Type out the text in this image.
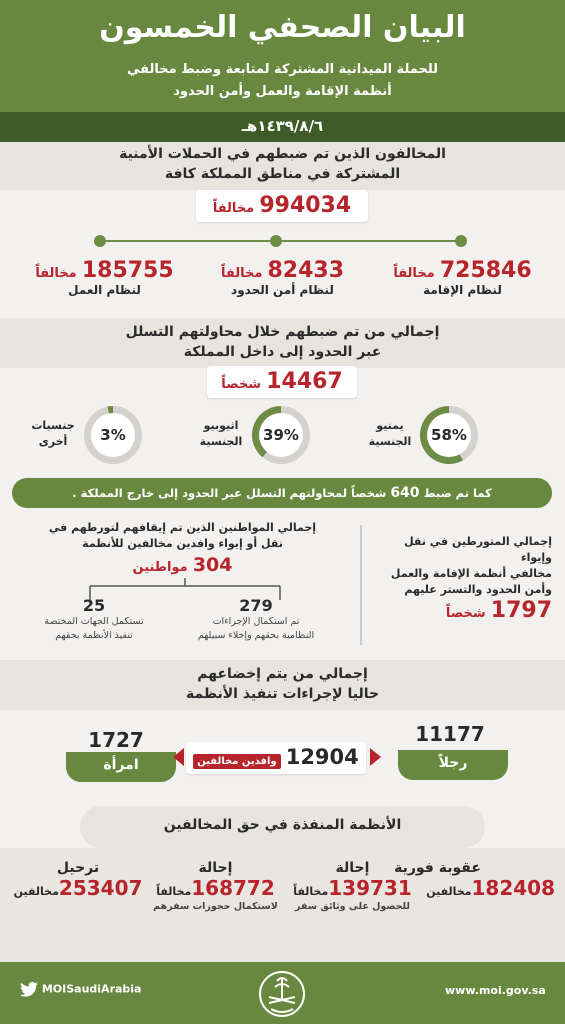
البيان الصحفي الخمسون
للحملة الميدانية المشتركة لمتابعة وضبط مخالفي
أنظمة الإقامة والعمل وأمن الحدود
١٤٣٩/٨/٦هـ
المخالفون الذين تم ضبطهم في الحملات الأمنية
المشتركة في مناطق المملكة كافة
994034 مخالفاً
725846 مخالفاً
لنظام الإقامة
82433 مخالفاً
لنظام أمن الحدود
185755 مخالفاً
لنظام العمل
إجمالي من تم ضبطهم خلال محاولتهم التسلل
عبر الحدود إلى داخل المملكة
14467 شخصاً
58%
39%
3%
يمنيو
الجنسية
اثيوبيو
الجنسية
جنسيات
أخرى
كما تم ضبط 640 شخصاً لمحاولتهم التسلل عبر الحدود إلى خارج المملكة .
إجمالي المتورطين في نقل وإيواء
مخالفي أنظمة الإقامة والعمل
وأمن الحدود والتستر عليهم
1797 شخصاً
إجمالي المواطنين الذين تم إيقافهم لتورطهم في
نقل أو إيواء وافدين مخالفين للأنظمة
304 مواطنين
279
تم استكمال الإجراءات
النظامية بحقهم وإخلاء سبيلهم
25
تستكمل الجهات المختصة
تنفيذ الأنظمة بحقهم
إجمالي من يتم إخضاعهم
حاليا لإجراءات تنفيذ الأنظمة
11177
رجلاً
1727
امرأة	12904 وافدين مخالفين
الأنظمة المنفذة في حق المخالفين
عقوبة فورية
182408مخالفين
إحالة
139731مخالفاً
للحصول على وثائق سفر
إحالة
168772مخالفاً
لاستكمال حجوزات سفرهم
ترحيل
253407مخالفين
MOISaudiArabia	www.moi.gov.sa
